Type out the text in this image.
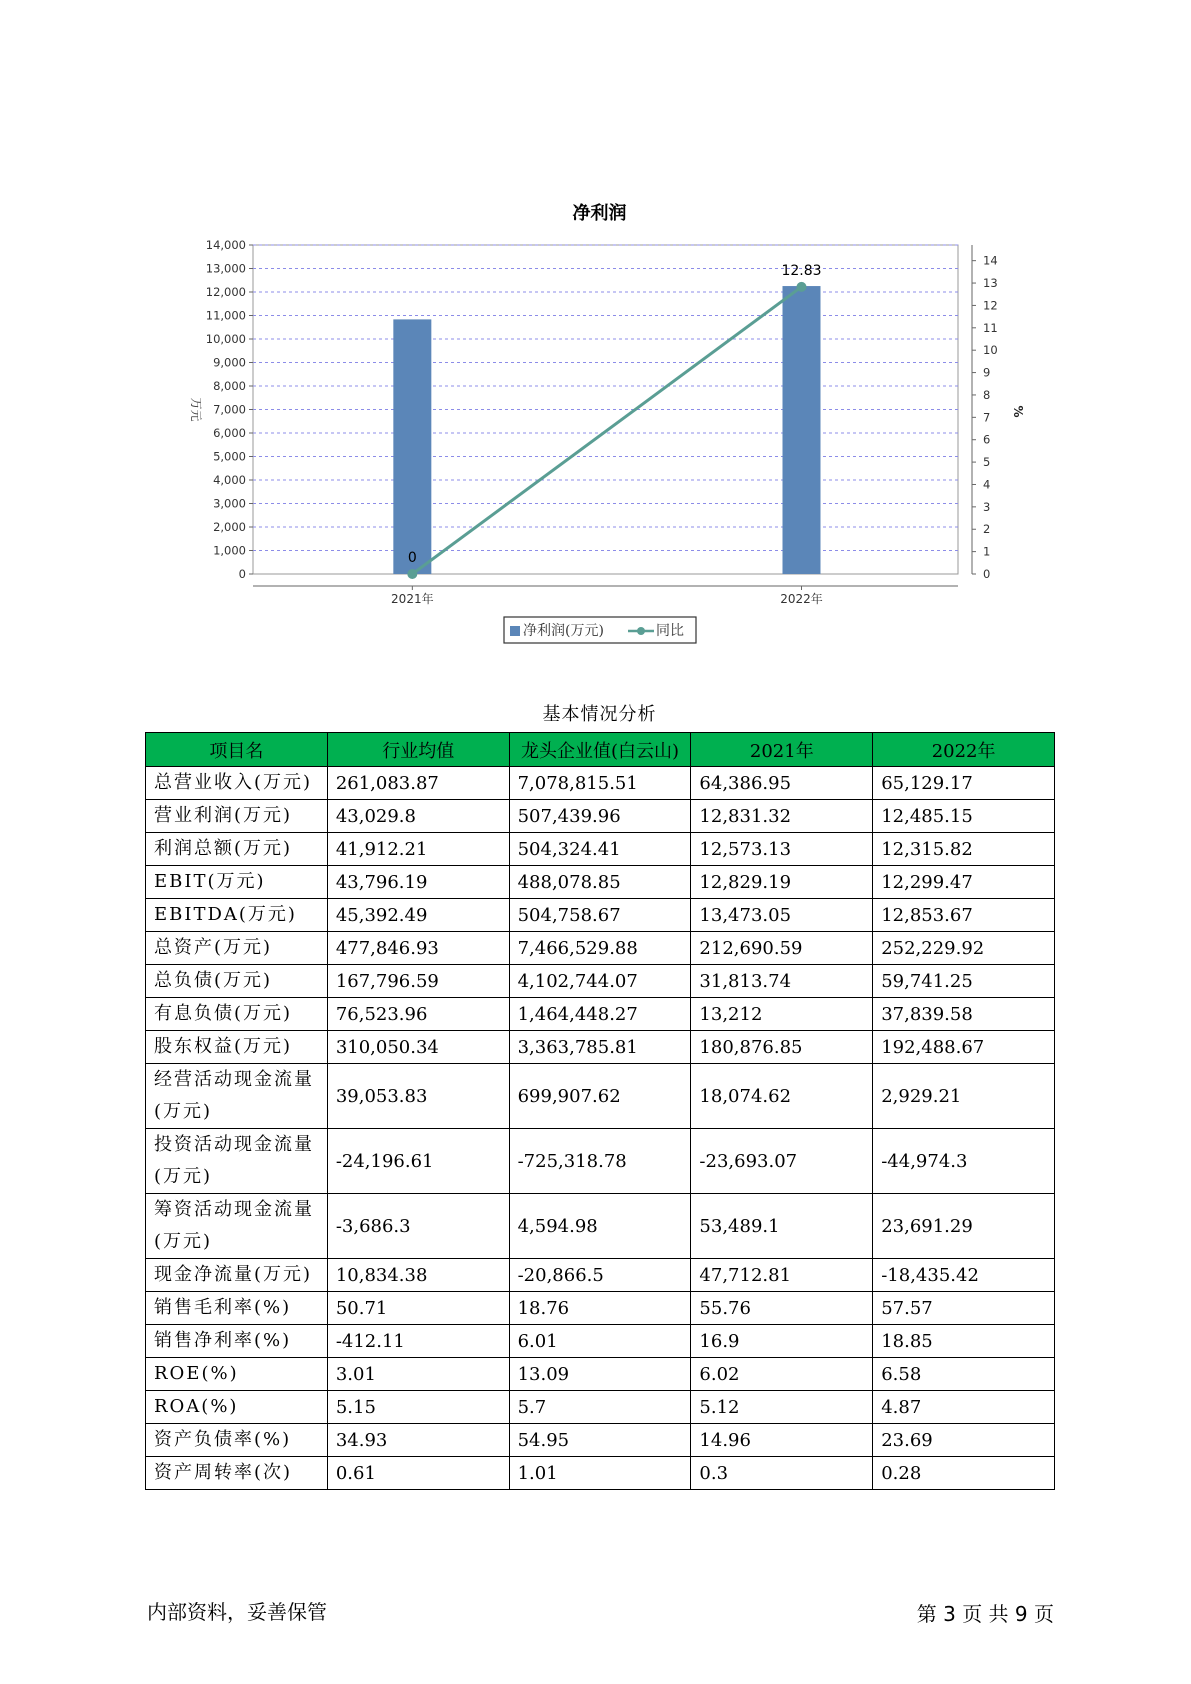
净利润
0
1,000
2,000
3,000
4,000
5,000
6,000
7,000
8,000
9,000
10,000
11,000
12,000
13,000
14,000
0
1
2
3
4
5
6
7
8
9
10
11
12
13
14
万元	%
2021年	2022年
0
12.83
净利润(万元)	同比
基本情况分析
项目名	行业均值	龙头企业值(白云山)	2021年	2022年
总营业收入(万元)	261,083.87	7,078,815.51	64,386.95	65,129.17
营业利润(万元)	43,029.8	507,439.96	12,831.32	12,485.15
利润总额(万元)	41,912.21	504,324.41	12,573.13	12,315.82
EBIT(万元)	43,796.19	488,078.85	12,829.19	12,299.47
EBITDA(万元)	45,392.49	504,758.67	13,473.05	12,853.67
总资产(万元)	477,846.93	7,466,529.88	212,690.59	252,229.92
总负债(万元)	167,796.59	4,102,744.07	31,813.74	59,741.25
有息负债(万元)	76,523.96	1,464,448.27	13,212	37,839.58
股东权益(万元)	310,050.34	3,363,785.81	180,876.85	192,488.67
经营活动现金流量(万元)	39,053.83	699,907.62	18,074.62	2,929.21
投资活动现金流量(万元)	-24,196.61	-725,318.78	-23,693.07	-44,974.3
筹资活动现金流量(万元)	-3,686.3	4,594.98	53,489.1	23,691.29
现金净流量(万元)	10,834.38	-20,866.5	47,712.81	-18,435.42
销售毛利率(%)	50.71	18.76	55.76	57.57
销售净利率(%)	-412.11	6.01	16.9	18.85
ROE(%)	3.01	13.09	6.02	6.58
ROA(%)	5.15	5.7	5.12	4.87
资产负债率(%)	34.93	54.95	14.96	23.69
资产周转率(次)	0.61	1.01	0.3	0.28
内部资料，妥善保管	第 3 页 共 9 页
